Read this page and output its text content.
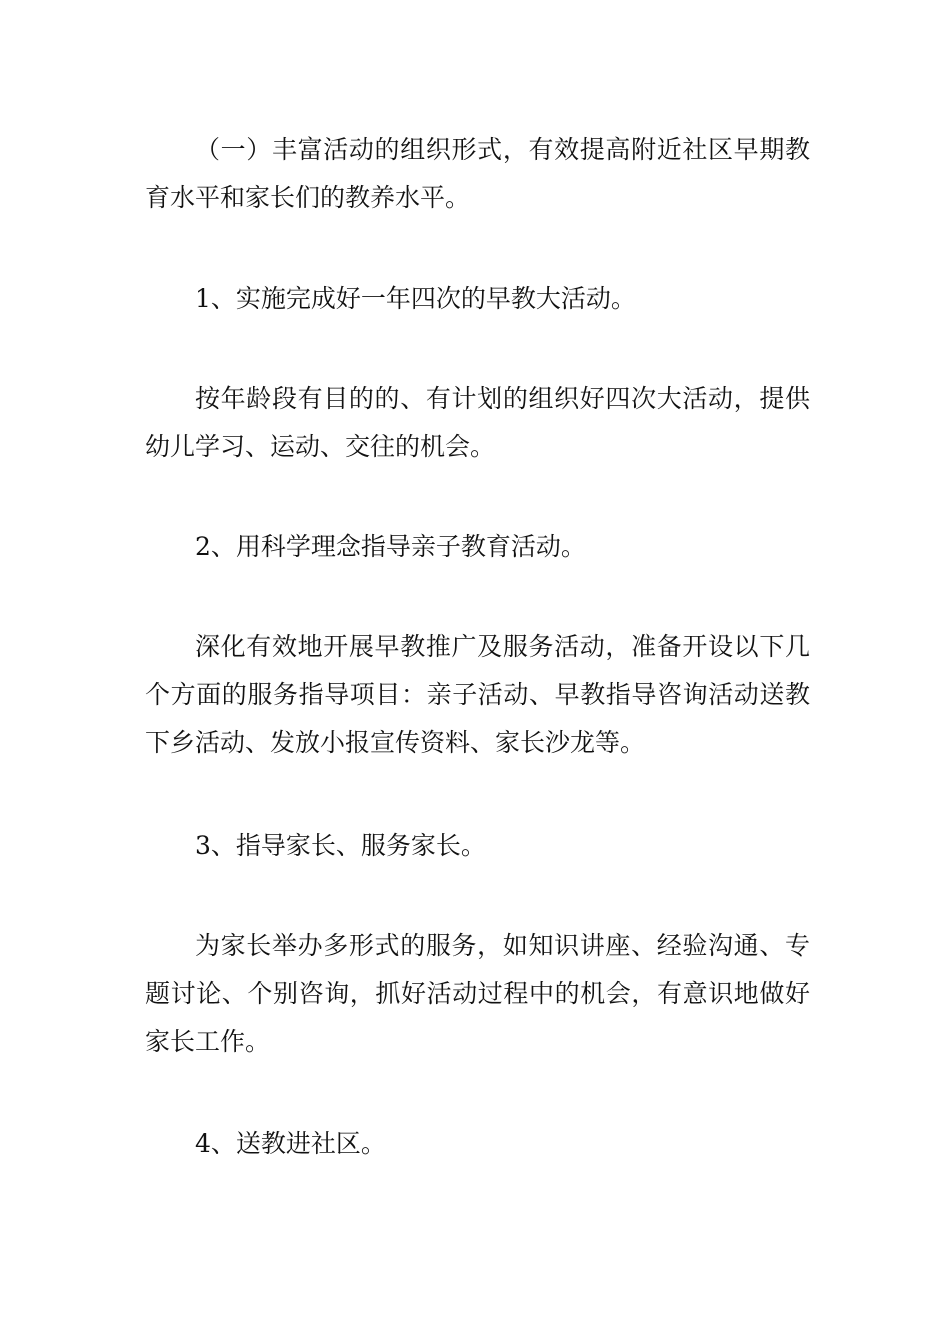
（一）丰富活动的组织形式，有效提高附近社区早期教育水平和家长们的教养水平。

1、实施完成好一年四次的早教大活动。

按年龄段有目的的、有计划的组织好四次大活动，提供幼儿学习、运动、交往的机会。

2、用科学理念指导亲子教育活动。

深化有效地开展早教推广及服务活动，准备开设以下几个方面的服务指导项目：亲子活动、早教指导咨询活动送教下乡活动、发放小报宣传资料、家长沙龙等。

3、指导家长、服务家长。

为家长举办多形式的服务，如知识讲座、经验沟通、专题讨论、个别咨询，抓好活动过程中的机会，有意识地做好家长工作。

4、送教进社区。
